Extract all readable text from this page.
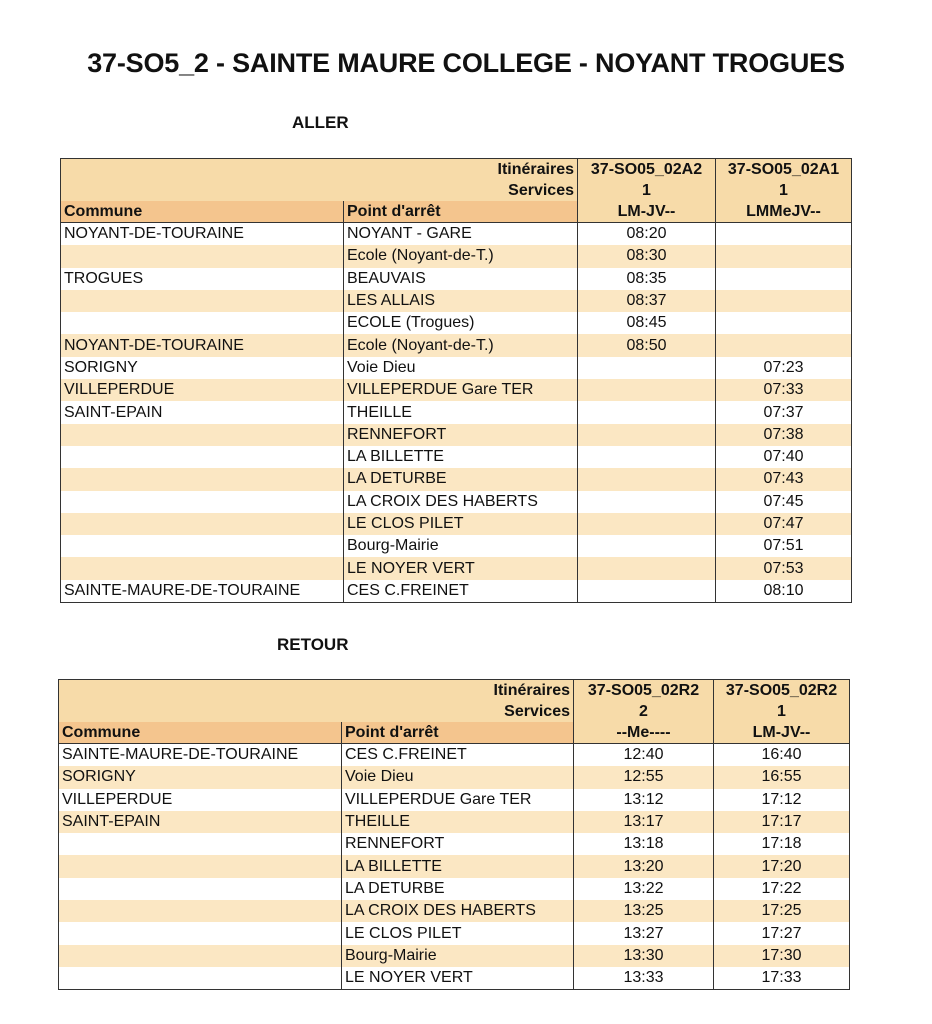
37-SO5_2 - SAINTE MAURE COLLEGE - NOYANT TROGUES
ALLER
Itinéraires		37-SO05_02A2	37-SO05_02A1
Services		1	1
Commune	Point d'arrêt	LM-JV--	LMMeJV--
NOYANT-DE-TOURAINE	NOYANT - GARE	08:20	
	Ecole (Noyant-de-T.)	08:30	
TROGUES	BEAUVAIS	08:35	
	LES ALLAIS	08:37	
	ECOLE (Trogues)	08:45	
NOYANT-DE-TOURAINE	Ecole (Noyant-de-T.)	08:50	
SORIGNY	Voie Dieu		07:23
VILLEPERDUE	VILLEPERDUE Gare TER		07:33
SAINT-EPAIN	THEILLE		07:37
	RENNEFORT		07:38
	LA BILLETTE		07:40
	LA DETURBE		07:43
	LA CROIX DES HABERTS		07:45
	LE CLOS PILET		07:47
	Bourg-Mairie		07:51
	LE NOYER VERT		07:53
SAINTE-MAURE-DE-TOURAINE	CES C.FREINET		08:10
RETOUR
Itinéraires		37-SO05_02R2	37-SO05_02R2
Services		2	1
Commune	Point d'arrêt	--Me----	LM-JV--
SAINTE-MAURE-DE-TOURAINE	CES C.FREINET	12:40	16:40
SORIGNY	Voie Dieu	12:55	16:55
VILLEPERDUE	VILLEPERDUE Gare TER	13:12	17:12
SAINT-EPAIN	THEILLE	13:17	17:17
	RENNEFORT	13:18	17:18
	LA BILLETTE	13:20	17:20
	LA DETURBE	13:22	17:22
	LA CROIX DES HABERTS	13:25	17:25
	LE CLOS PILET	13:27	17:27
	Bourg-Mairie	13:30	17:30
	LE NOYER VERT	13:33	17:33
